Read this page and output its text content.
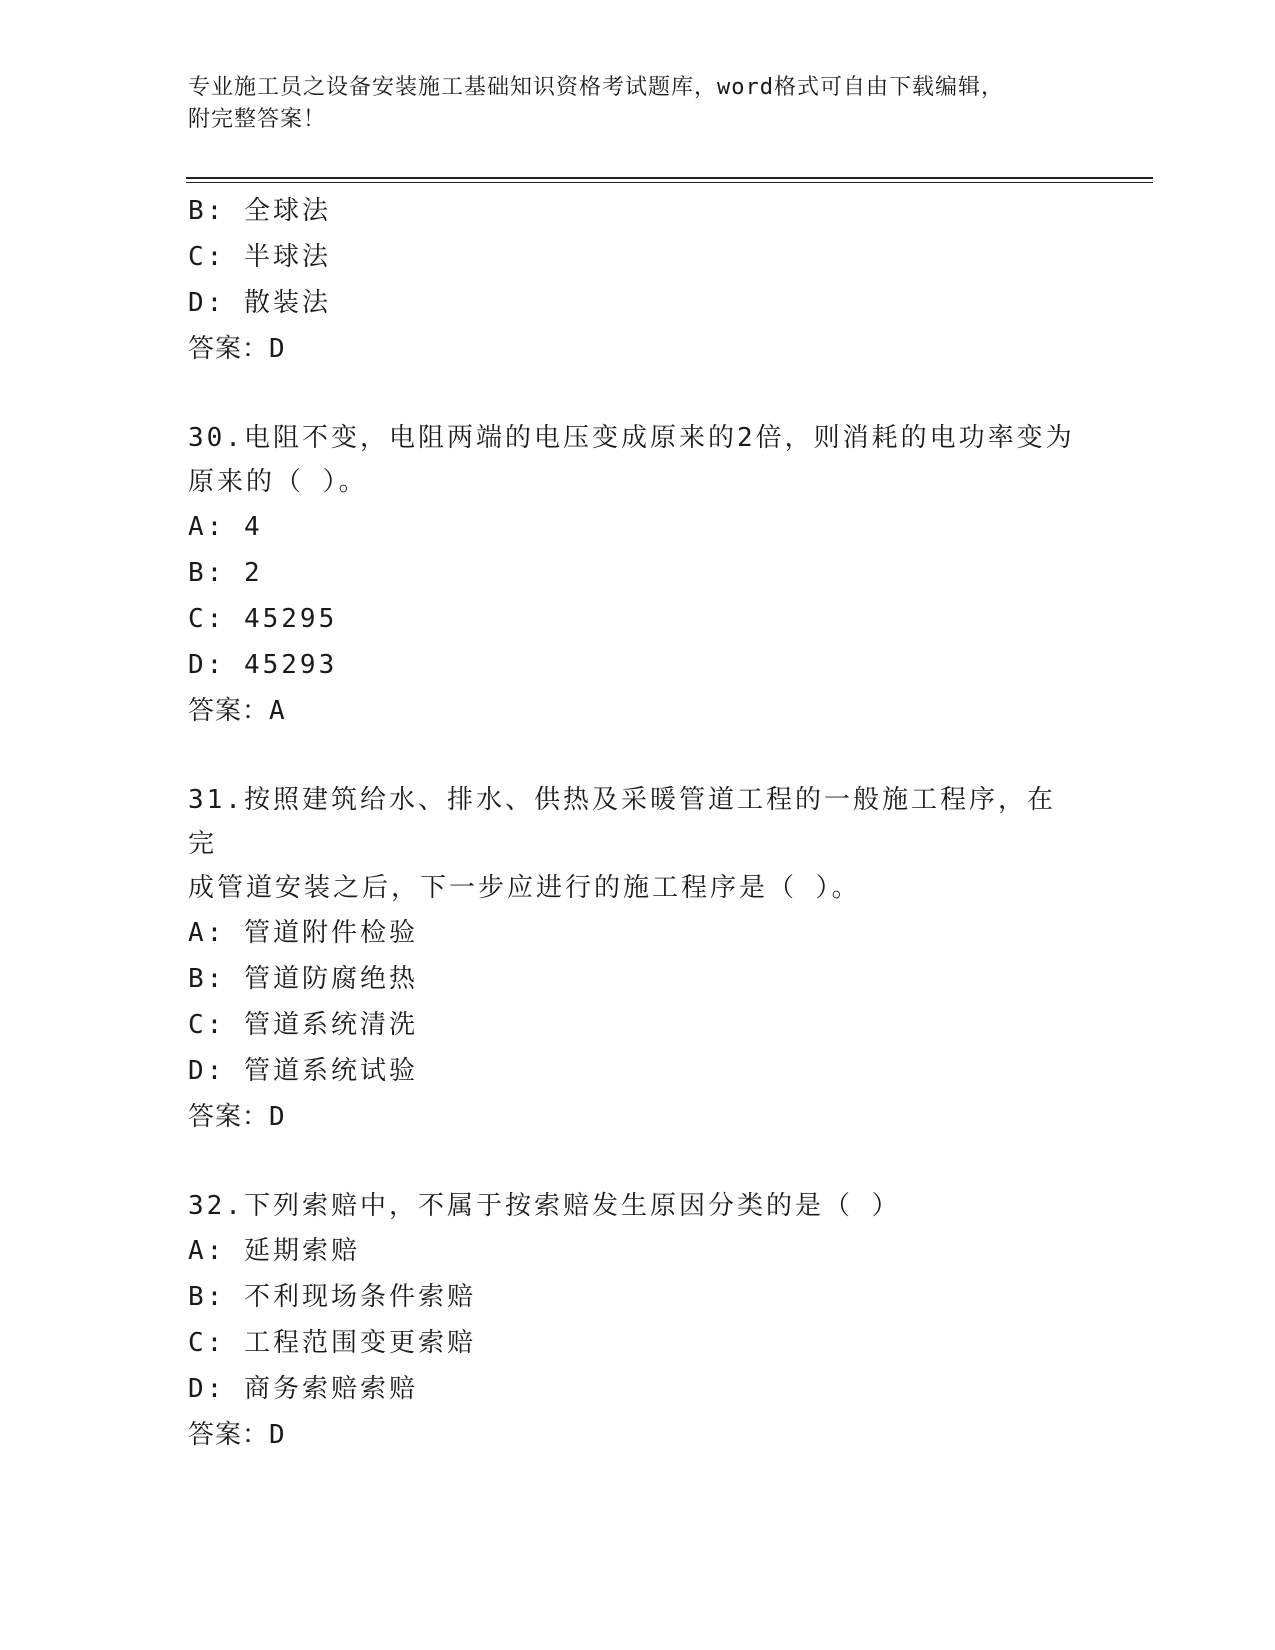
专业施工员之设备安装施工基础知识资格考试题库，word格式可自由下载编辑，
附完整答案！
B: 全球法
C: 半球法
D: 散装法
答案：D
30.电阻不变，电阻两端的电压变成原来的2倍，则消耗的电功率变为
原来的（ ）。
A: 4
B: 2
C: 45295
D: 45293
答案：A
31.按照建筑给水、排水、供热及采暖管道工程的一般施工程序，在完
成管道安装之后，下一步应进行的施工程序是（ ）。
A: 管道附件检验
B: 管道防腐绝热
C: 管道系统清洗
D: 管道系统试验
答案：D
32.下列索赔中，不属于按索赔发生原因分类的是（ ）
A: 延期索赔
B: 不利现场条件索赔
C: 工程范围变更索赔
D: 商务索赔索赔
答案：D
